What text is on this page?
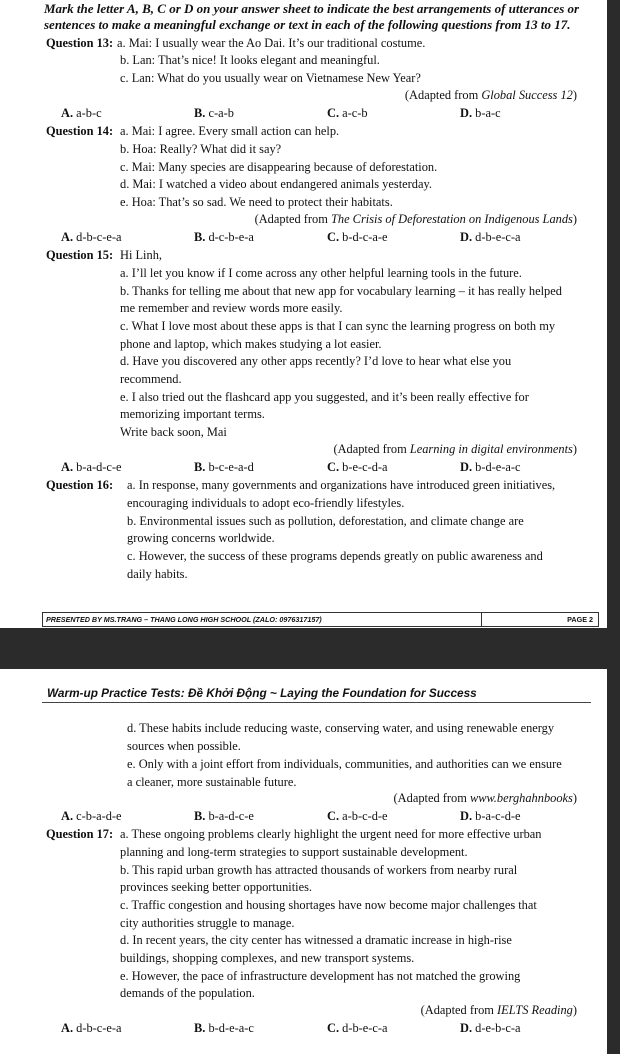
Mark the letter A, B, C or D on your answer sheet to indicate the best arrangements of utterances or
sentences to make a meaningful exchange or text in each of the following questions from 13 to 17.
Question 13: a. Mai: I usually wear the Ao Dai. It’s our traditional costume.
b. Lan: That’s nice! It looks elegant and meaningful.
c. Lan: What do you usually wear on Vietnamese New Year?
(Adapted from Global Success 12)
A. a-b-c	B. c-a-b	C. a-c-b	D. b-a-c
Question 14: a. Mai: I agree. Every small action can help.
b. Hoa: Really? What did it say?
c. Mai: Many species are disappearing because of deforestation.
d. Mai: I watched a video about endangered animals yesterday.
e. Hoa: That’s so sad. We need to protect their habitats.
(Adapted from The Crisis of Deforestation on Indigenous Lands)
A. d-b-c-e-a	B. d-c-b-e-a	C. b-d-c-a-e	D. d-b-e-c-a
Question 15: Hi Linh,
a. I’ll let you know if I come across any other helpful learning tools in the future.
b. Thanks for telling me about that new app for vocabulary learning – it has really helped
me remember and review words more easily.
c. What I love most about these apps is that I can sync the learning progress on both my
phone and laptop, which makes studying a lot easier.
d. Have you discovered any other apps recently? I’d love to hear what else you
recommend.
e. I also tried out the flashcard app you suggested, and it’s been really effective for
memorizing important terms.
Write back soon, Mai
(Adapted from Learning in digital environments)
A. b-a-d-c-e	B. b-c-e-a-d	C. b-e-c-d-a	D. b-d-e-a-c
Question 16: a. In response, many governments and organizations have introduced green initiatives,
encouraging individuals to adopt eco-friendly lifestyles.
b. Environmental issues such as pollution, deforestation, and climate change are
growing concerns worldwide.
c. However, the success of these programs depends greatly on public awareness and
daily habits.
PRESENTED BY MS.TRANG – THANG LONG HIGH SCHOOL (ZALO: 0976317157)	PAGE 2
Warm-up Practice Tests: Đề Khởi Động ~ Laying the Foundation for Success
d. These habits include reducing waste, conserving water, and using renewable energy
sources when possible.
e. Only with a joint effort from individuals, communities, and authorities can we ensure
a cleaner, more sustainable future.
(Adapted from www.berghahnbooks)
A. c-b-a-d-e	B. b-a-d-c-e	C. a-b-c-d-e	D. b-a-c-d-e
Question 17: a. These ongoing problems clearly highlight the urgent need for more effective urban
planning and long-term strategies to support sustainable development.
b. This rapid urban growth has attracted thousands of workers from nearby rural
provinces seeking better opportunities.
c. Traffic congestion and housing shortages have now become major challenges that
city authorities struggle to manage.
d. In recent years, the city center has witnessed a dramatic increase in high-rise
buildings, shopping complexes, and new transport systems.
e. However, the pace of infrastructure development has not matched the growing
demands of the population.
(Adapted from IELTS Reading)
A. d-b-c-e-a	B. b-d-e-a-c	C. d-b-e-c-a	D. d-e-b-c-a
